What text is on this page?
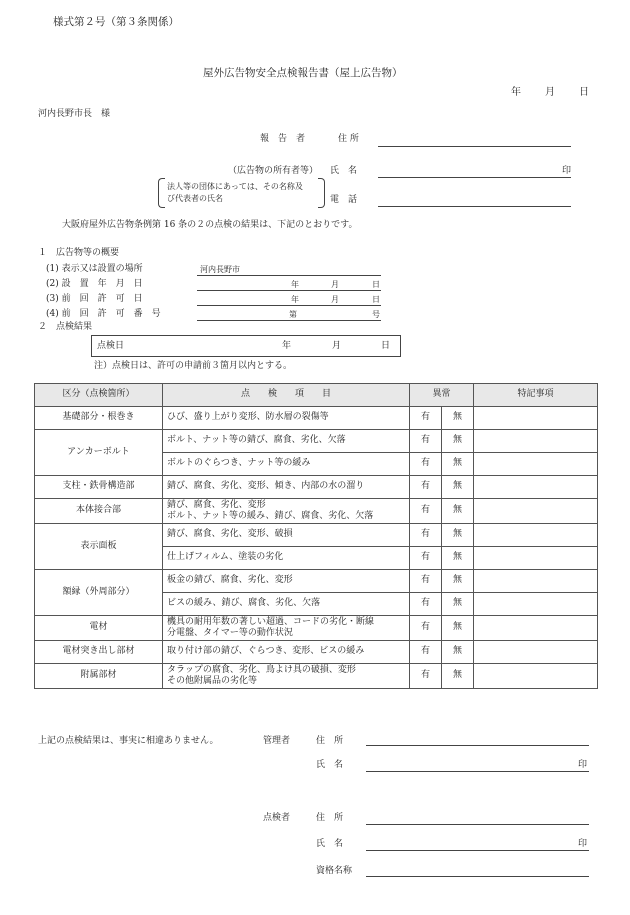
様式第２号（第３条関係）
屋外広告物安全点検報告書（屋上広告物）
年 月 日
河内長野市長　様
報　告　者	住 所
（広告物の所有者等） 氏　名	印
法人等の団体にあっては、その名称及
び代表者の氏名	電　話
大阪府屋外広告物条例第 16 条の２の点検の結果は、下記のとおりです。
１　広告物等の概要
(1) 表示又は設置の場所	河内長野市
(2) 設　置　年　月　日	年	月	日
(3) 前　回　許　可　日	年	月	日
(4) 前　回　許　可　番　号	第	号
２　点検結果
点検日	年	月	日
注）点検日は、許可の申請前３箇月以内とする。
区分（点検箇所）	点　　検　　項　　目	異常		特記事項
基礎部分・根巻き	ひび、盛り上がり変形、防水層の裂傷等	有	無	
アンカーボルト	ボルト、ナット等の錆び、腐食、劣化、欠落	有	無	

	ボルトのぐらつき、ナット等の緩み	有	無	
支柱・鉄骨構造部	錆び、腐食、劣化、変形、傾き、内部の水の溜り	有	無	
本体接合部	錆び、腐食、劣化、変形
ボルト、ナット等の緩み、錆び、腐食、劣化、欠落	有	無	
表示面板	錆び、腐食、劣化、変形、破損	有	無	

	仕上げフィルム、塗装の劣化	有	無	
額縁（外周部分）	板金の錆び、腐食、劣化、変形	有	無	

	ビスの緩み、錆び、腐食、劣化、欠落	有	無	
電材	機具の耐用年数の著しい超過、コードの劣化・断線
分電盤、タイマー等の動作状況	有	無	
電材突き出し部材	取り付け部の錆び、ぐらつき、変形、ビスの緩み	有	無	
附属部材	タラップの腐食、劣化、鳥よけ具の破損、変形
その他附属品の劣化等	有	無	
上記の点検結果は、事実に相違ありません。	管理者	住　所
氏　名	印
点検者	住　所
氏　名	印
資格名称
